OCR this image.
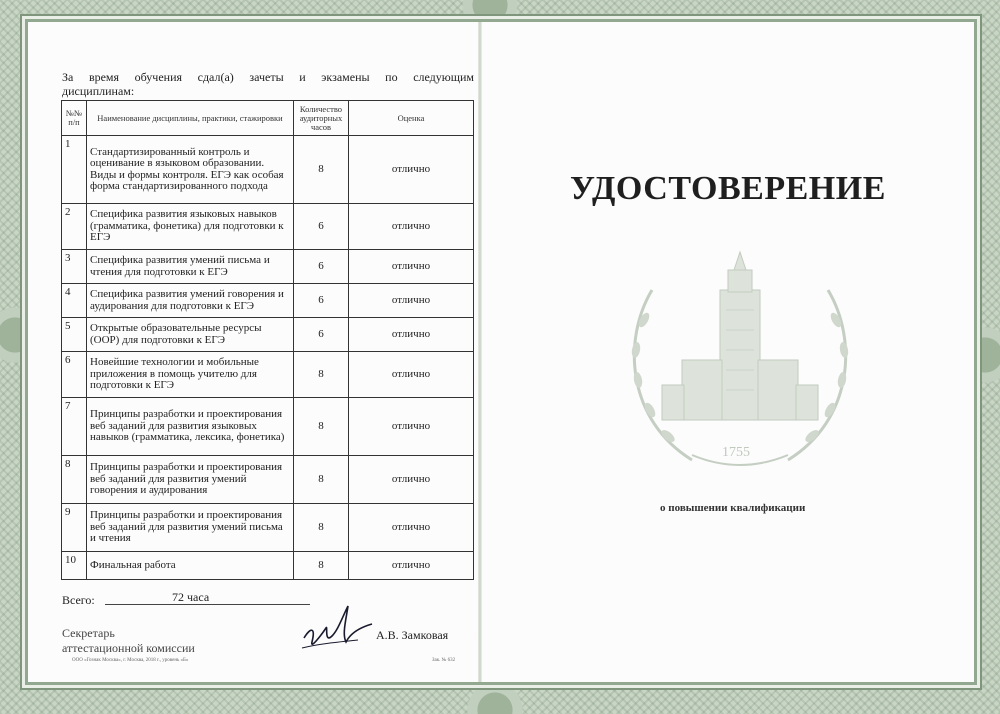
За время обучения сдал(а) зачеты и экзамены по следующим
дисциплинам:
№№ п/п	Наименование дисциплины, практики, стажировки	Количество аудиторных часов	Оценка
1	Стандартизированный контроль и оценивание в языковом образовании. Виды и формы контроля. ЕГЭ как особая форма стандартизированного подхода	8	отлично
2	Специфика развития языковых навыков (грамматика, фонетика) для подготовки к ЕГЭ	6	отлично
3	Специфика развития умений письма и чтения для подготовки к ЕГЭ	6	отлично
4	Специфика развития умений говорения и аудирования для подготовки к ЕГЭ	6	отлично
5	Открытые образовательные ресурсы (ООР) для подготовки к ЕГЭ	6	отлично
6	Новейшие технологии и мобильные приложения в помощь учителю для подготовки к ЕГЭ	8	отлично
7	Принципы разработки и проектирования веб заданий для развития языковых навыков (грамматика, лексика, фонетика)	8	отлично
8	Принципы разработки и проектирования веб заданий для развития умений говорения и аудирования	8	отлично
9	Принципы разработки и проектирования веб заданий для развития умений письма и чтения	8	отлично
10	Финальная работа	8	отлично
Всего:	72 часа
Секретарь
аттестационной комиссии
А.В. Замковая
ООО «Гознак Москва», г. Москва, 2018 г., уровень «Б»	Зак. № 632
УДОСТОВЕРЕНИЕ
1755
о повышении квалификации
